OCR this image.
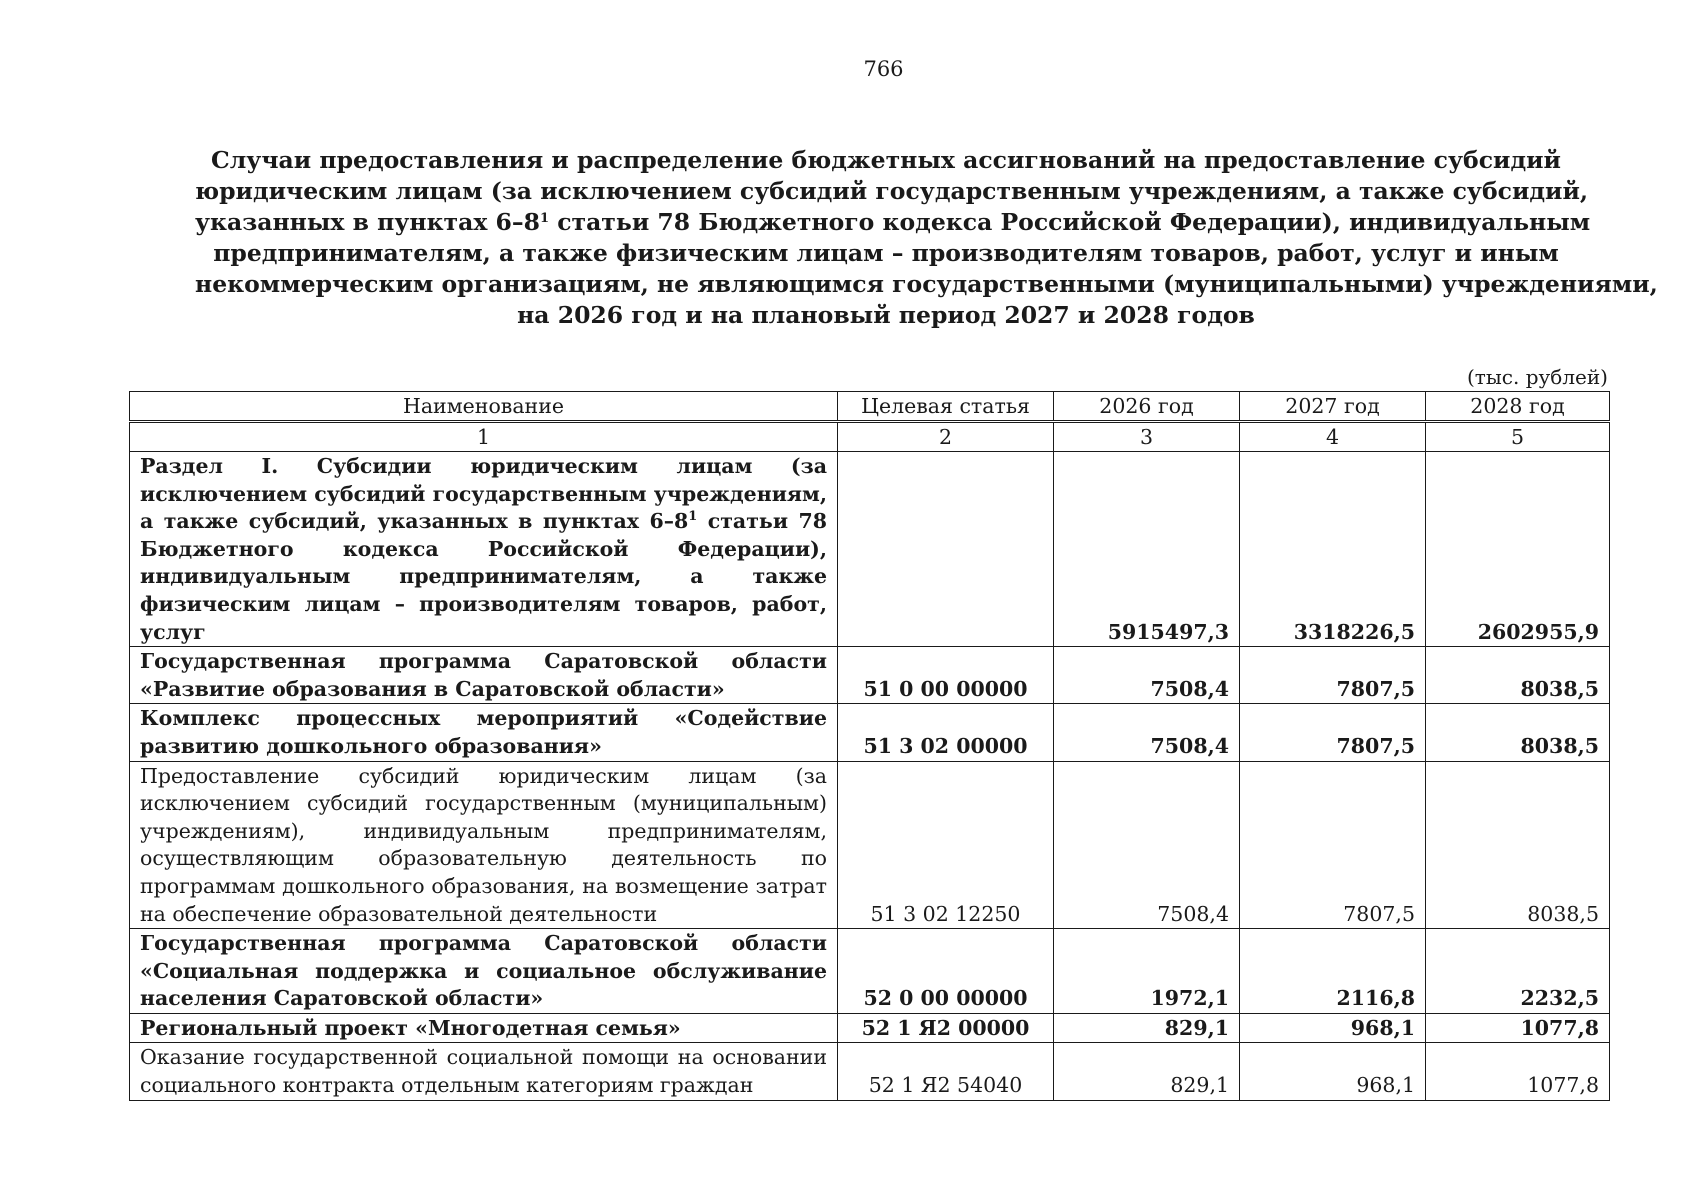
766
Случаи предоставления и распределение бюджетных ассигнований на предоставление субсидий
юридическим лицам (за исключением субсидий государственным учреждениям, а также субсидий,
указанных в пунктах $6-8^1$ статьи 78 Бюджетного кодекса Российской Федерации), индивидуальным
предпринимателям, а также физическим лицам – производителям товаров, работ, услуг и иным
некоммерческим организациям, не являющимся государственными (муниципальными) учреждениями,
на 2026 год и на плановый период 2027 и 2028 годов
(тыс. рублей)
Наименование	Целевая статья	2026 год	2027 год	2028 год
1	2	3	4	5
Раздел I. Субсидии юридическим лицам (за исключением субсидий государственным учреждениям, а также субсидий, указанных в пунктах $6-8^1$ статьи 78 Бюджетного кодекса Российской Федерации), индивидуальным предпринимателям, а также физическим лицам – производителям товаров, работ, услуг		5915497,3	3318226,5	2602955,9
Государственная программа Саратовской области «Развитие образования в Саратовской области»	51 0 00 00000	7508,4	7807,5	8038,5
Комплекс процессных мероприятий «Содействие развитию дошкольного образования»	51 3 02 00000	7508,4	7807,5	8038,5
Предоставление субсидий юридическим лицам (за исключением субсидий государственным (муниципальным) учреждениям), индивидуальным предпринимателям, осуществляющим образовательную деятельность по программам дошкольного образования, на возмещение затрат на обеспечение образовательной деятельности	51 3 02 12250	7508,4	7807,5	8038,5
Государственная программа Саратовской области «Социальная поддержка и социальное обслуживание населения Саратовской области»	52 0 00 00000	1972,1	2116,8	2232,5
Региональный проект «Многодетная семья»	52 1 Я2 00000	829,1	968,1	1077,8
Оказание государственной социальной помощи на основании социального контракта отдельным категориям граждан	52 1 Я2 54040	829,1	968,1	1077,8
